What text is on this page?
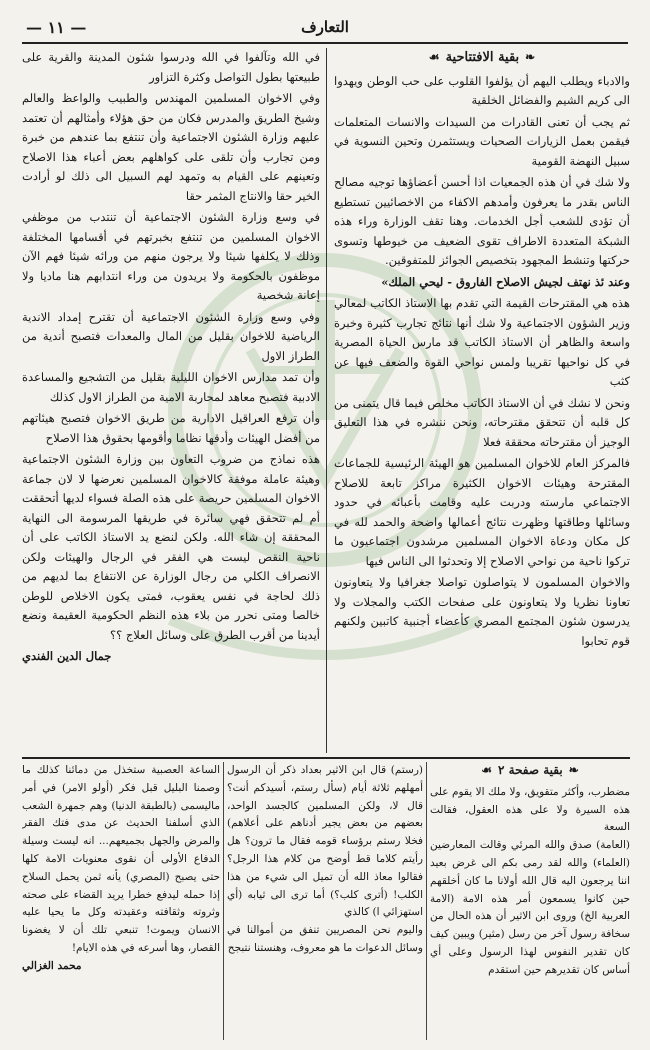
التعارف
— ١١ —
❧
بقية الافتتاحية
☙

والادباء ويطلب اليهم أن يؤلفوا القلوب على حب الوطن ويهدوا الى كريم الشيم والفضائل الخلقية

ثم يجب أن تعنى القادرات من السيدات والانسات المتعلمات فيقمن بعمل الزيارات الصحيات ويستثمرن وتحين النسوية في سبيل النهضة القومية

ولا شك في أن هذه الجمعيات اذا أحسن أعضاؤها توجيه مصالح الناس بقدر ما يعرفون وأمدهم الاكفاء من الاخصائيين تستطيع أن تؤدى للشعب أجل الخدمات. وهنا تقف الوزارة وراء هذه الشبكة المتعددة الاطراف تقوى الضعيف من خيوطها وتسوى حركتها وتنشط المجهود بتخصيص الجوائز للمتفوقين.

وعند ئذ نهتف لجيش الاصلاح الفاروق - ليحي الملك»

هذه هي المقترحات القيمة التي تقدم بها الاستاذ الكاتب لمعالي وزير الشؤون الاجتماعية ولا شك أنها نتائج تجارب كثيرة وخبرة واسعة والظاهر أن الاستاذ الكاتب قد مارس الحياة المصرية في كل نواحيها تقريبا ولمس نواحي القوة والضعف فيها عن كثب

ونحن لا نشك في أن الاستاذ الكاتب مخلص فيما قال يتمنى من كل قلبه أن تتحقق مقترحاته، ونحن ننشره في هذا التعليق الوجيز أن مقترحاته محققة فعلا

فالمركز العام للاخوان المسلمين هو الهيئة الرئيسية للجماعات المقترحة وهيئات الاخوان الكثيرة مراكز تابعة للاصلاح الاجتماعي مارسته ودربت عليه وقامت بأعبائه في حدود وسائلها وطاقتها وظهرت نتائج أعمالها واضحة والحمد لله في كل مكان ودعاة الاخوان المسلمين مرشدون اجتماعيون ما تركوا ناحية من نواحي الاصلاح إلا وتحدثوا الى الناس فيها

والاخوان المسلمون لا يتواصلون تواصلا جغرافيا ولا يتعاونون تعاونا نظريا ولا يتعاونون على صفحات الكتب والمجلات ولا يدرسون شئون المجتمع المصري كأعضاء أجنبية كاتبين ولكنهم قوم تحابوا

في الله وتآلفوا في الله ودرسوا شئون المدينة والقرية على طبيعتها بطول التواصل وكثرة التزاور

وفي الاخوان المسلمين المهندس والطبيب والواعظ والعالم وشيخ الطريق والمدرس فكان من حق هؤلاء وأمثالهم أن تعتمد عليهم وزارة الشئون الاجتماعية وأن تنتفع بما عندهم من خبرة ومن تجارب وأن تلقى على كواهلهم بعض أعباء هذا الاصلاح وتعينهم على القيام به وتمهد لهم السبيل الى ذلك لو أرادت الخير حقا والانتاج المثمر حقا

في وسع وزارة الشئون الاجتماعية أن تنتدب من موظفي الاخوان المسلمين من تنتفع بخبرتهم في أقسامها المختلفة وذلك لا يكلفها شيئا ولا يرجون منهم من ورائه شيئا فهم الآن موظفون بالحكومة ولا يريدون من وراء انتدابهم هنا ماديا ولا إعانة شخصية

وفي وسع وزارة الشئون الاجتماعية أن تقترح إمداد الاندية الرياضية للاخوان بقليل من المال والمعدات فتصبح أندية من الطراز الاول

وأن تمد مدارس الاخوان الليلية بقليل من التشجيع والمساعدة الادبية فتصبح معاهد لمحاربة الامية من الطراز الاول كذلك

وأن ترفع العراقيل الادارية من طريق الاخوان فتصبح هيئاتهم من أفضل الهيئات وأدقها نظاما وأقومها بحقوق هذا الاصلاح

هذه نماذج من ضروب التعاون بين وزارة الشئون الاجتماعية وهيئة عاملة موفقة كالاخوان المسلمين نعرضها لا لان جماعة الاخوان المسلمين حريصة على هذه الصلة فسواء لديها أتحققت أم لم تتحقق فهي سائرة في طريقها المرسومة الى النهاية المحققة إن شاء الله. ولكن لنضع يد الاستاذ الكاتب على أن ناحية النقص ليست هي الفقر في الرجال والهيئات ولكن الانصراف الكلي من رجال الوزارة عن الانتفاع بما لديهم من ذلك لحاجة في نفس يعقوب، فمتى يكون الاخلاص للوطن خالصا ومتى نحرر من بلاء هذه النظم الحكومية العقيمة ونضع أيدينا من أقرب الطرق على وسائل العلاج ؟؟

جمال الدين الفندي

❧
بقية صفحة ٢
☙

مضطرب، وأكثر متقويق، ولا ملك الا يقوم على هذه السيرة ولا على هذه العقول، فقالت السعة

(العامة) صدق والله المرئي وقالت المعارضين (العلماء) والله لقد رمى بكم الى غرض بعيد اننا يرجعون اليه قال الله أولانا ما كان أخلقهم حين كانوا يسمعون أمر هذه الامة (الامة العربية الخ) وروى ابن الاثير أن هذه الحال من سخافة رسول آخر من رسل (مثير) ويبين كيف كان تقدير النفوس لهذا الرسول وعلى أي أساس كان تقديرهم حين استقدم

(رستم) قال ابن الاثير بعداد ذكر أن الرسول أمهلهم ثلاثة أيام (سأل رستم، أسيدكم أنت؟ قال لا، ولكن المسلمين كالجسد الواحد، بعضهم من بعض يجير أدناهم على أعلاهم) فخلا رستم برؤساء قومه فقال ما ترون؟ هل رأيتم كلاما قط أوضح من كلام هذا الرجل؟ فقالوا معاذ الله أن تميل الى شيء من هذا الكلب! (أترى كلب؟) أما ترى الى ثيابه (أي استهزائي ا) كالذي

واليوم نحن المصريين تنفق من أموالنا في وسائل الدعوات ما هو معروف، وهنستنا نتبجح

الساعة العصبية ستخذل من دمائنا كذلك ما وصمنا البليل قبل فكر (أولو الامر) في أمر ماليسمى (بالطبقة الدنيا) وهم جمهرة الشعب الذي أسلفنا الحديث عن مدى فتك الفقر والمرض والجهل بجميعهم... انه ليست وسيلة الدفاع الأولى أن نقوى معنويات الامة كلها حتى يصبح (المصري) يأنه ثمن يحمل السلاح إذا حمله ليدفع خطرا يريد القضاء على صحته وثروته وثقافته وعقيدته وكل ما يحيا عليه الانسان ويموت! تنبعي تلك أن لا يغضونا القصار، وها أسرعه في هذه الايام!

محمد الغزالي
